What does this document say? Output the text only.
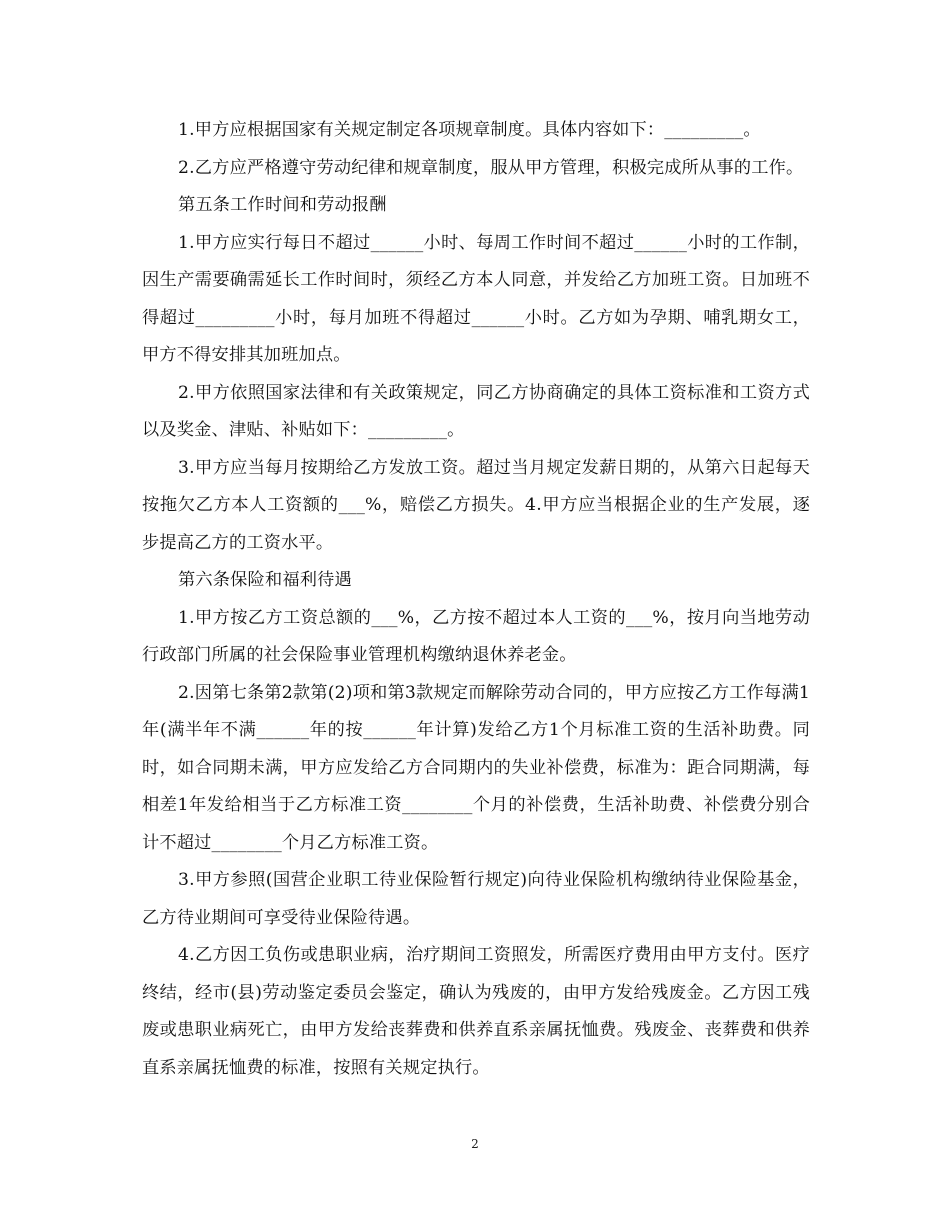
1.甲方应根据国家有关规定制定各项规章制度。具体内容如下：_________。

2.乙方应严格遵守劳动纪律和规章制度，服从甲方管理，积极完成所从事的工作。

第五条工作时间和劳动报酬

1.甲方应实行每日不超过______小时、每周工作时间不超过______小时的工作制，因生产需要确需延长工作时间时，须经乙方本人同意，并发给乙方加班工资。日加班不得超过_________小时，每月加班不得超过______小时。乙方如为孕期、哺乳期女工，甲方不得安排其加班加点。

2.甲方依照国家法律和有关政策规定，同乙方协商确定的具体工资标准和工资方式以及奖金、津贴、补贴如下：_________。

3.甲方应当每月按期给乙方发放工资。超过当月规定发薪日期的，从第六日起每天按拖欠乙方本人工资额的___%，赔偿乙方损失。4.甲方应当根据企业的生产发展，逐步提高乙方的工资水平。

第六条保险和福利待遇

1.甲方按乙方工资总额的___%，乙方按不超过本人工资的___%，按月向当地劳动行政部门所属的社会保险事业管理机构缴纳退休养老金。

2.因第七条第2款第(2)项和第3款规定而解除劳动合同的，甲方应按乙方工作每满1年(满半年不满______年的按______年计算)发给乙方1个月标准工资的生活补助费。同时，如合同期未满，甲方应发给乙方合同期内的失业补偿费，标准为：距合同期满，每相差1年发给相当于乙方标准工资________个月的补偿费，生活补助费、补偿费分别合计不超过________个月乙方标准工资。

3.甲方参照(国营企业职工待业保险暂行规定)向待业保险机构缴纳待业保险基金，乙方待业期间可享受待业保险待遇。

4.乙方因工负伤或患职业病，治疗期间工资照发，所需医疗费用由甲方支付。医疗终结，经市(县)劳动鉴定委员会鉴定，确认为残废的，由甲方发给残废金。乙方因工残废或患职业病死亡，由甲方发给丧葬费和供养直系亲属抚恤费。残废金、丧葬费和供养直系亲属抚恤费的标准，按照有关规定执行。

2
